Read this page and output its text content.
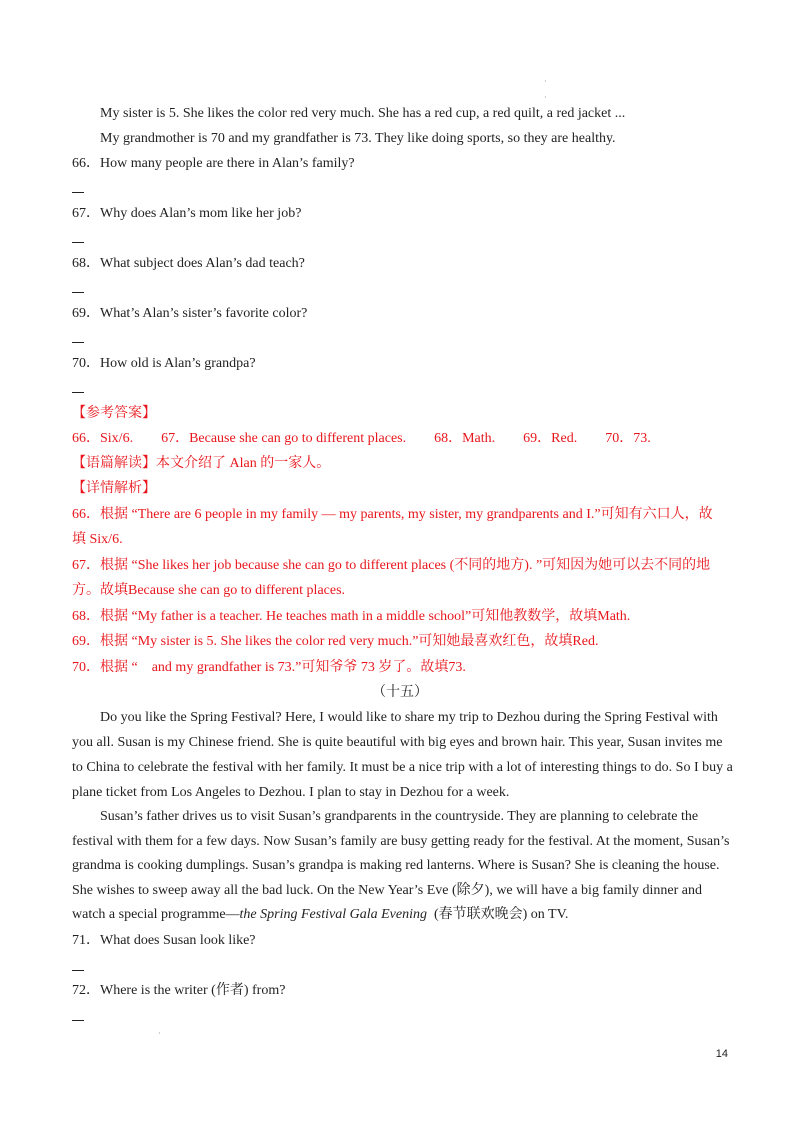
·
·
My sister is 5. She likes the color red very much. She has a red cup, a red quilt, a red jacket ...
My grandmother is 70 and my grandfather is 73. They like doing sports, so they are healthy.
66．How many people are there in Alan’s family?
67．Why does Alan’s mom like her job?
68．What subject does Alan’s dad teach?
69．What’s Alan’s sister’s favorite color?
70．How old is Alan’s grandpa?
【参考答案】
66．Six/6.　　67．Because she can go to different places.　　68．Math.　　69．Red.　　70．73.
【语篇解读】本文介绍了 Alan 的一家人。
【详情解析】
66．根据 “There are 6 people in my family — my parents, my sister, my grandparents and I.”可知有六口人，故
填 Six/6.
67．根据 “She likes her job because she can go to different places (不同的地方). ”可知因为她可以去不同的地
方。故填Because she can go to different places.
68．根据 “My father is a teacher. He teaches math in a middle school”可知他教数学，故填Math.
69．根据 “My sister is 5. She likes the color red very much.”可知她最喜欢红色，故填Red.
70．根据 “　and my grandfather is 73.”可知爷爷 73 岁了。故填73.
（十五）
Do you like the Spring Festival? Here, I would like to share my trip to Dezhou during the Spring Festival with
you all. Susan is my Chinese friend. She is quite beautiful with big eyes and brown hair. This year, Susan invites me
to China to celebrate the festival with her family. It must be a nice trip with a lot of interesting things to do. So I buy a
plane ticket from Los Angeles to Dezhou. I plan to stay in Dezhou for a week.
Susan’s father drives us to visit Susan’s grandparents in the countryside. They are planning to celebrate the
festival with them for a few days. Now Susan’s family are busy getting ready for the festival. At the moment, Susan’s
grandma is cooking dumplings. Susan’s grandpa is making red lanterns. Where is Susan? She is cleaning the house.
She wishes to sweep away all the bad luck. On the New Year’s Eve (除夕), we will have a big family dinner and
watch a special programme—the Spring Festival Gala Evening  (春节联欢晚会) on TV.
71．What does Susan look like?
72．Where is the writer (作者) from?
·
14
